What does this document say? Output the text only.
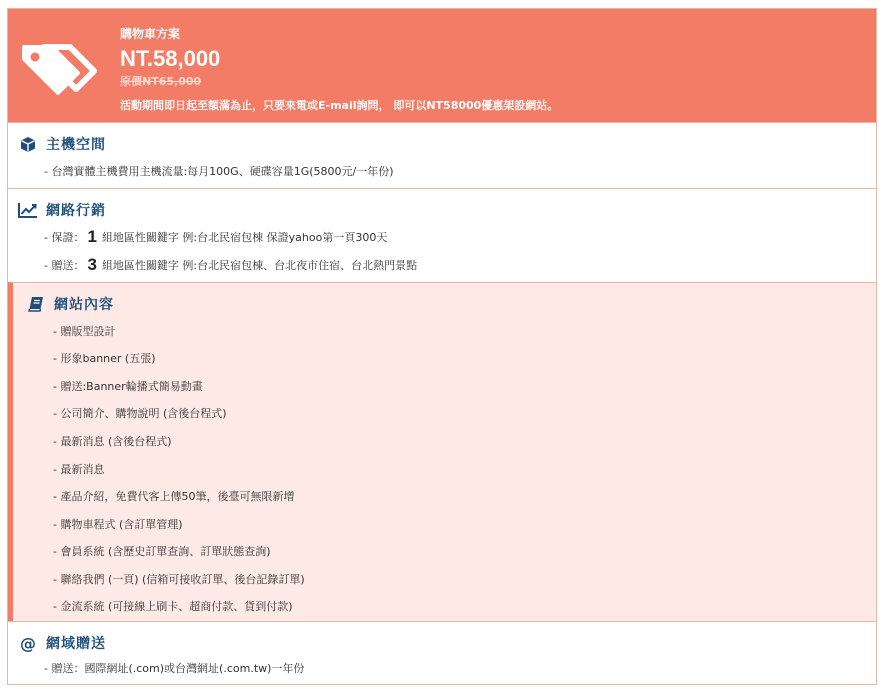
購物車方案
NT.58,000
原價NT65,000
活動期間即日起至額滿為止，只要來電或E-mail詢問， 即可以NT58000優惠架設網站。
主機空間
- 台灣實體主機費用主機流量:每月100G、硬碟容量1G(5800元/一年份)
網路行銷
- 保證： 1 組地區性關鍵字 例:台北民宿包棟 保證yahoo第一頁300天
- 贈送： 3 組地區性關鍵字 例:台北民宿包棟、台北夜市住宿、台北熱門景點
網站內容
- 贈版型設計
- 形象banner (五張)
- 贈送:Banner輪播式簡易動畫
- 公司簡介、購物說明 (含後台程式)
- 最新消息 (含後台程式)
- 最新消息
- 產品介紹，免費代客上傳50筆，後臺可無限新增
- 購物車程式 (含訂單管理)
- 會員系統 (含歷史訂單查詢、訂單狀態查詢)
- 聯絡我們 (一頁) (信箱可接收訂單、後台記錄訂單)
- 金流系統 (可接線上刷卡、超商付款、貨到付款)
@ 網域贈送
- 贈送：國際網址(.com)或台灣網址(.com.tw)一年份
